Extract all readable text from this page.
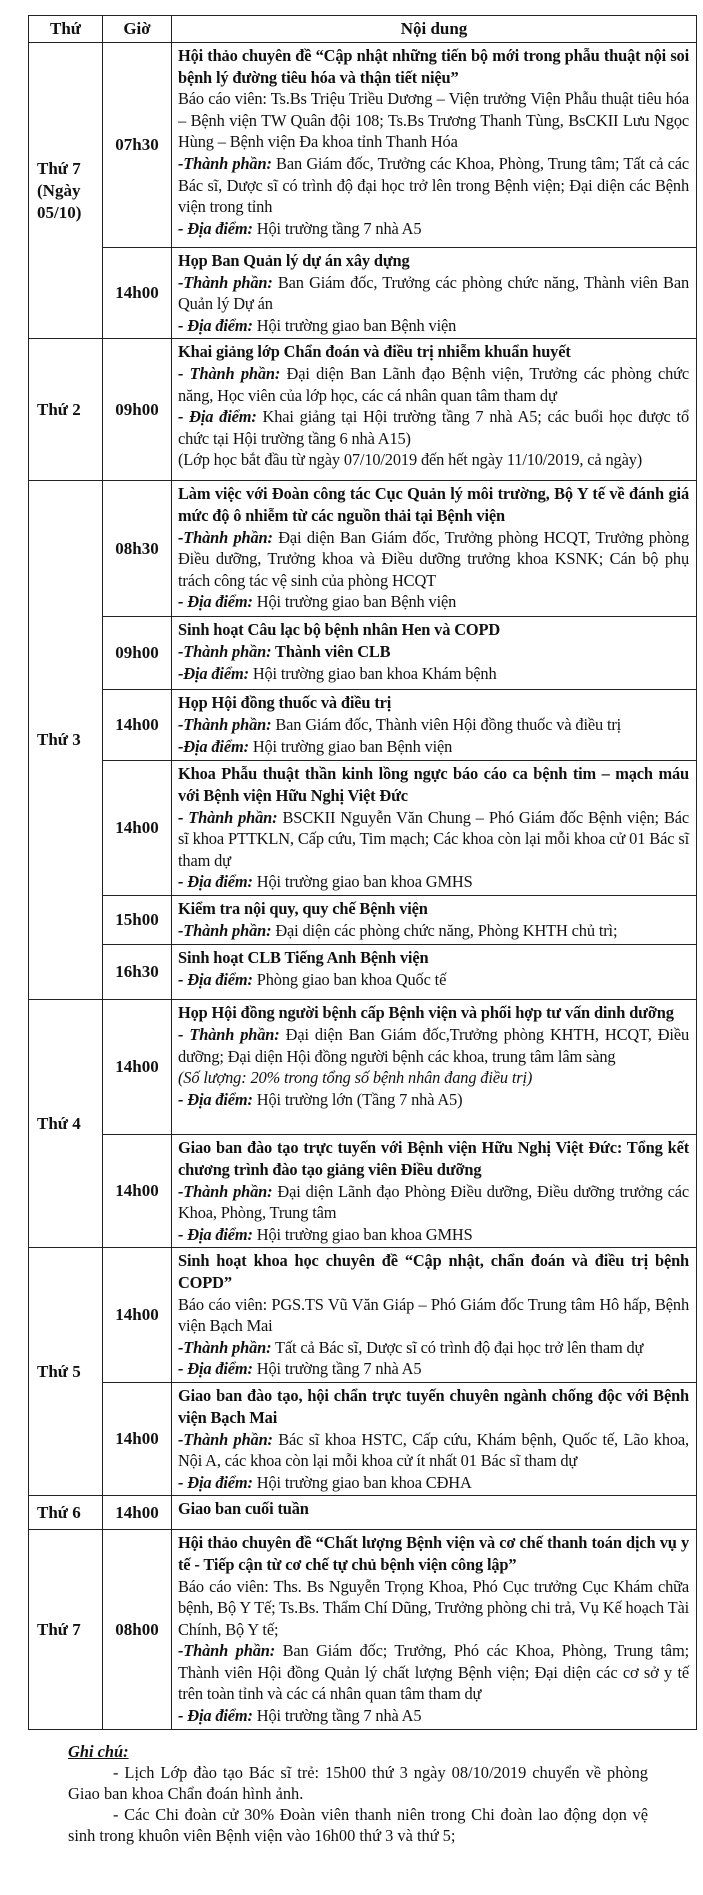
Thứ	Giờ	Nội dung
Thứ 7 (Ngày 05/10)	07h30	Hội thảo chuyên đề “Cập nhật những tiến bộ mới trong phẫu thuật nội soi bệnh lý đường tiêu hóa và thận tiết niệu”
Báo cáo viên: Ts.Bs Triệu Triều Dương – Viện trưởng Viện Phẫu thuật tiêu hóa – Bệnh viện TW Quân đội 108; Ts.Bs Trương Thanh Tùng, BsCKII Lưu Ngọc Hùng – Bệnh viện Đa khoa tỉnh Thanh Hóa
-Thành phần: Ban Giám đốc, Trưởng các Khoa, Phòng, Trung tâm; Tất cả các Bác sĩ, Dược sĩ có trình độ đại học trở lên trong Bệnh viện; Đại diện các Bệnh viện trong tỉnh
- Địa điểm: Hội trường tầng 7 nhà A5

	14h00	Họp Ban Quản lý dự án xây dựng
-Thành phần: Ban Giám đốc, Trưởng các phòng chức năng, Thành viên Ban Quản lý Dự án
- Địa điểm: Hội trường giao ban Bệnh viện

Thứ 2	09h00	Khai giảng lớp Chẩn đoán và điều trị nhiễm khuẩn huyết
- Thành phần: Đại diện Ban Lãnh đạo Bệnh viện, Trưởng các phòng chức năng, Học viên của lớp học, các cá nhân quan tâm tham dự
- Địa điểm: Khai giảng tại Hội trường tầng 7 nhà A5; các buổi học được tổ chức tại Hội trường tầng 6 nhà A15)
(Lớp học bắt đầu từ ngày 07/10/2019 đến hết ngày 11/10/2019, cả ngày)

Thứ 3	08h30	Làm việc với Đoàn công tác Cục Quản lý môi trường, Bộ Y tế về đánh giá mức độ ô nhiễm từ các nguồn thải tại Bệnh viện
-Thành phần: Đại diện Ban Giám đốc, Trưởng phòng HCQT, Trưởng phòng Điều dưỡng, Trưởng khoa và Điều dưỡng trưởng khoa KSNK; Cán bộ phụ trách công tác vệ sinh của phòng HCQT
- Địa điểm: Hội trường giao ban Bệnh viện

	09h00	Sinh hoạt Câu lạc bộ bệnh nhân Hen và COPD
-Thành phần: Thành viên CLB
-Địa điểm: Hội trường giao ban khoa Khám bệnh

	14h00	Họp Hội đồng thuốc và điều trị
-Thành phần: Ban Giám đốc, Thành viên Hội đồng thuốc và điều trị
-Địa điểm: Hội trường giao ban Bệnh viện

	14h00	Khoa Phẫu thuật thần kinh lồng ngực báo cáo ca bệnh tim – mạch máu với Bệnh viện Hữu Nghị Việt Đức
- Thành phần: BSCKII Nguyễn Văn Chung – Phó Giám đốc Bệnh viện; Bác sĩ khoa PTTKLN, Cấp cứu, Tim mạch; Các khoa còn lại mỗi khoa cử 01 Bác sĩ tham dự
- Địa điểm: Hội trường giao ban khoa GMHS

	15h00	Kiểm tra nội quy, quy chế Bệnh viện
-Thành phần: Đại diện các phòng chức năng, Phòng KHTH chủ trì;

	16h30	Sinh hoạt CLB Tiếng Anh Bệnh viện
- Địa điểm: Phòng giao ban khoa Quốc tế

Thứ 4	14h00	Họp Hội đồng người bệnh cấp Bệnh viện và phối hợp tư vấn dinh dưỡng
- Thành phần: Đại diện Ban Giám đốc,Trưởng phòng KHTH, HCQT, Điều dưỡng; Đại diện Hội đồng người bệnh các khoa, trung tâm lâm sàng
(Số lượng: 20% trong tổng số bệnh nhân đang điều trị)
- Địa điểm: Hội trường lớn (Tầng 7 nhà A5)

	14h00	Giao ban đào tạo trực tuyến với Bệnh viện Hữu Nghị Việt Đức: Tổng kết chương trình đào tạo giảng viên Điều dưỡng
-Thành phần: Đại diện Lãnh đạo Phòng Điều dưỡng, Điều dưỡng trưởng các Khoa, Phòng, Trung tâm
- Địa điểm: Hội trường giao ban khoa GMHS

Thứ 5	14h00	Sinh hoạt khoa học chuyên đề “Cập nhật, chẩn đoán và điều trị bệnh COPD”
Báo cáo viên: PGS.TS Vũ Văn Giáp – Phó Giám đốc Trung tâm Hô hấp, Bệnh viện Bạch Mai
-Thành phần: Tất cả Bác sĩ, Dược sĩ có trình độ đại học trở lên tham dự
- Địa điểm: Hội trường tầng 7 nhà A5

	14h00	Giao ban đào tạo, hội chẩn trực tuyến chuyên ngành chống độc với Bệnh viện Bạch Mai
-Thành phần: Bác sĩ khoa HSTC, Cấp cứu, Khám bệnh, Quốc tế, Lão khoa, Nội A, các khoa còn lại mỗi khoa cử ít nhất 01 Bác sĩ tham dự
- Địa điểm: Hội trường giao ban khoa CĐHA

Thứ 6	14h00	Giao ban cuối tuần

Thứ 7	08h00	Hội thảo chuyên đề “Chất lượng Bệnh viện và cơ chế thanh toán dịch vụ y tế - Tiếp cận từ cơ chế tự chủ bệnh viện công lập”
Báo cáo viên: Ths. Bs Nguyễn Trọng Khoa, Phó Cục trưởng Cục Khám chữa bệnh, Bộ Y Tế; Ts.Bs. Thẩm Chí Dũng, Trưởng phòng chi trả, Vụ Kế hoạch Tài Chính, Bộ Y tế;
-Thành phần: Ban Giám đốc; Trưởng, Phó các Khoa, Phòng, Trung tâm; Thành viên Hội đồng Quản lý chất lượng Bệnh viện; Đại diện các cơ sở y tế trên toàn tỉnh và các cá nhân quan tâm tham dự
- Địa điểm: Hội trường tầng 7 nhà A5
Ghi chú:

- Lịch Lớp đào tạo Bác sĩ trẻ: 15h00 thứ 3 ngày 08/10/2019 chuyển về phòng Giao ban khoa Chẩn đoán hình ảnh.

- Các Chi đoàn cử 30% Đoàn viên thanh niên trong Chi đoàn lao động dọn vệ sinh trong khuôn viên Bệnh viện vào 16h00 thứ 3 và thứ 5;
